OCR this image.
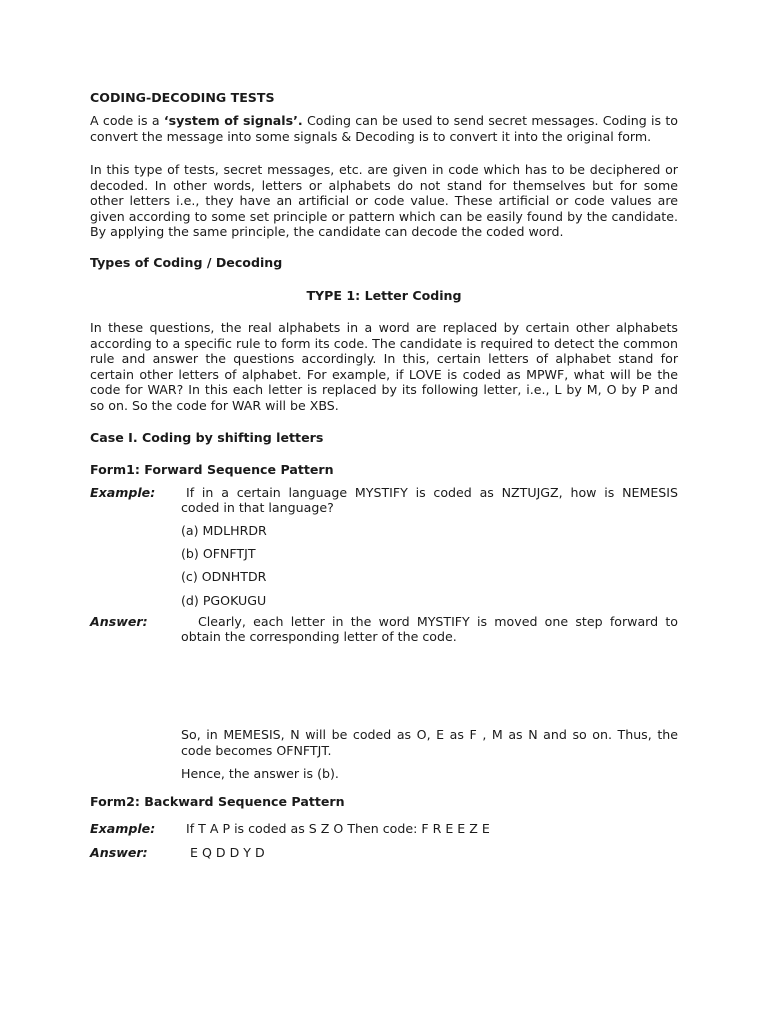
CODING-DECODING TESTS
A code is a ‘system of signals’. Coding can be used to send secret messages. Coding is to
convert the message into some signals & Decoding is to convert it into the original form.
In this type of tests, secret messages, etc. are given in code which has to be deciphered or
decoded. In other words, letters or alphabets do not stand for themselves but for some
other letters i.e., they have an artificial or code value. These artificial or code values are
given according to some set principle or pattern which can be easily found by the candidate.
By applying the same principle, the candidate can decode the coded word.
Types of Coding / Decoding
TYPE 1: Letter Coding
In these questions, the real alphabets in a word are replaced by certain other alphabets
according to a specific rule to form its code. The candidate is required to detect the common
rule and answer the questions accordingly. In this, certain letters of alphabet stand for
certain other letters of alphabet. For example, if LOVE is coded as MPWF, what will be the
code for WAR? In this each letter is replaced by its following letter, i.e., L by M, O by P and
so on. So the code for WAR will be XBS.
Case I. Coding by shifting letters
Form1: Forward Sequence Pattern
Example: If in a certain language MYSTIFY is coded as NZTUJGZ, how is NEMESIS
coded in that language?
(a) MDLHRDR
(b) OFNFTJT
(c) ODNHTDR
(d) PGOKUGU
Answer:	Clearly, each letter in the word MYSTIFY is moved one step forward to
obtain the corresponding letter of the code.
So, in MEMESIS, N will be coded as O, E as F , M as N and so on. Thus, the
code becomes OFNFTJT.
Hence, the answer is (b).
Form2: Backward Sequence Pattern
Example: If T A P is coded as S Z O Then code: F R E E Z E
Answer:	E Q D D Y D
